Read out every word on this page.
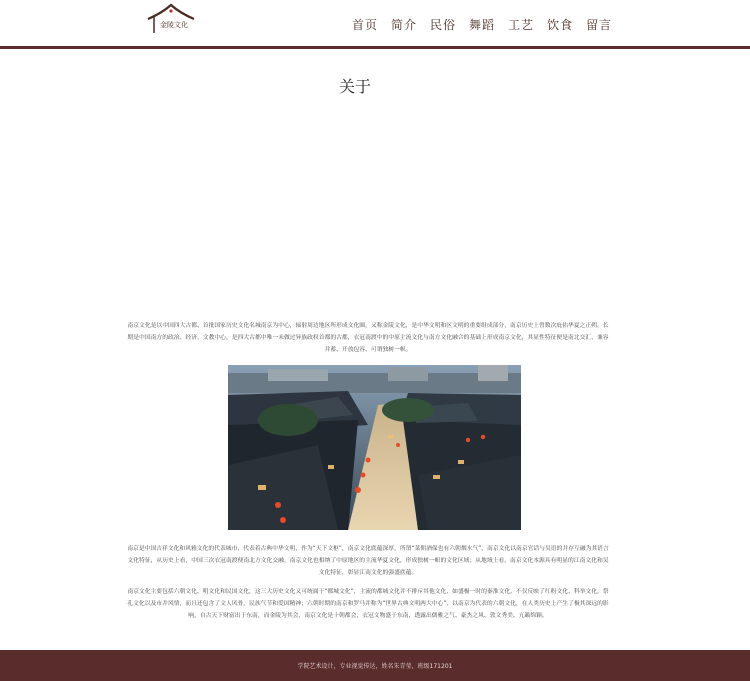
金陵文化	首页 简介 民俗 舞蹈 工艺 饮食 留言
关于
南京文化是以中国四大古都、首批国家历史文化名城南京为中心，辐射周边地区所形成文化圈，又称金陵文化，是中华文明和区文明的重要组成部分，南京历史上曾数次庇佑华夏之正朔，长期是中国南方的政治、经济、文教中心，是四大古都中唯一未做过异族政权首都的古都，衣冠南渡中的中原主流文化与南方文化融合的基础上形成南京文化，其显性特征便是南北交汇、兼容并蓄、开放包容、可谓独树一帜。
南京是中国吉祥文化和风雅文化的代表城市，代表着古典中华文明，作为“天下文枢”，南京文化底蕴深厚，所谓“菜佣酒保也有六朝烟水气”，南京文化以南京官话与吴语的并存互融为其语言文化特征，从历史上看，中国三次衣冠南渡便南北方文化交融，南京文化也相纳了中原地区的主流华夏文化，形成独树一帜的文化区域；从地域上看，南京文化本源具有明显的江南文化和吴文化特征，彰显江南文化的强盛底蕴。
南京文化主要包括六朝文化、明文化和民国文化，这三大历史文化又可统属于“都城文化”，主流的都城文化并不排斥其他文化，如盛极一时的秦淮文化，不仅反映了红粉文化、科举文化，祭孔文化以及市井风情，而且还包含了文人风骨，民族气节和爱国精神；六朝时期的南京和罗马并称为“世界古典文明两大中心”，以南京为代表的六朝文化，在人类历史上产生了极其深远的影响，自古天下财富出于东南，而金陵为其会，南京文化是十朝都会，衣冠文物盛于东南，透露出儒雅之气、豪杰之风、敦文秀美、亢籁绵颖。
学院艺术设计，专业视觉传达，姓名朱青莹，班级171201
